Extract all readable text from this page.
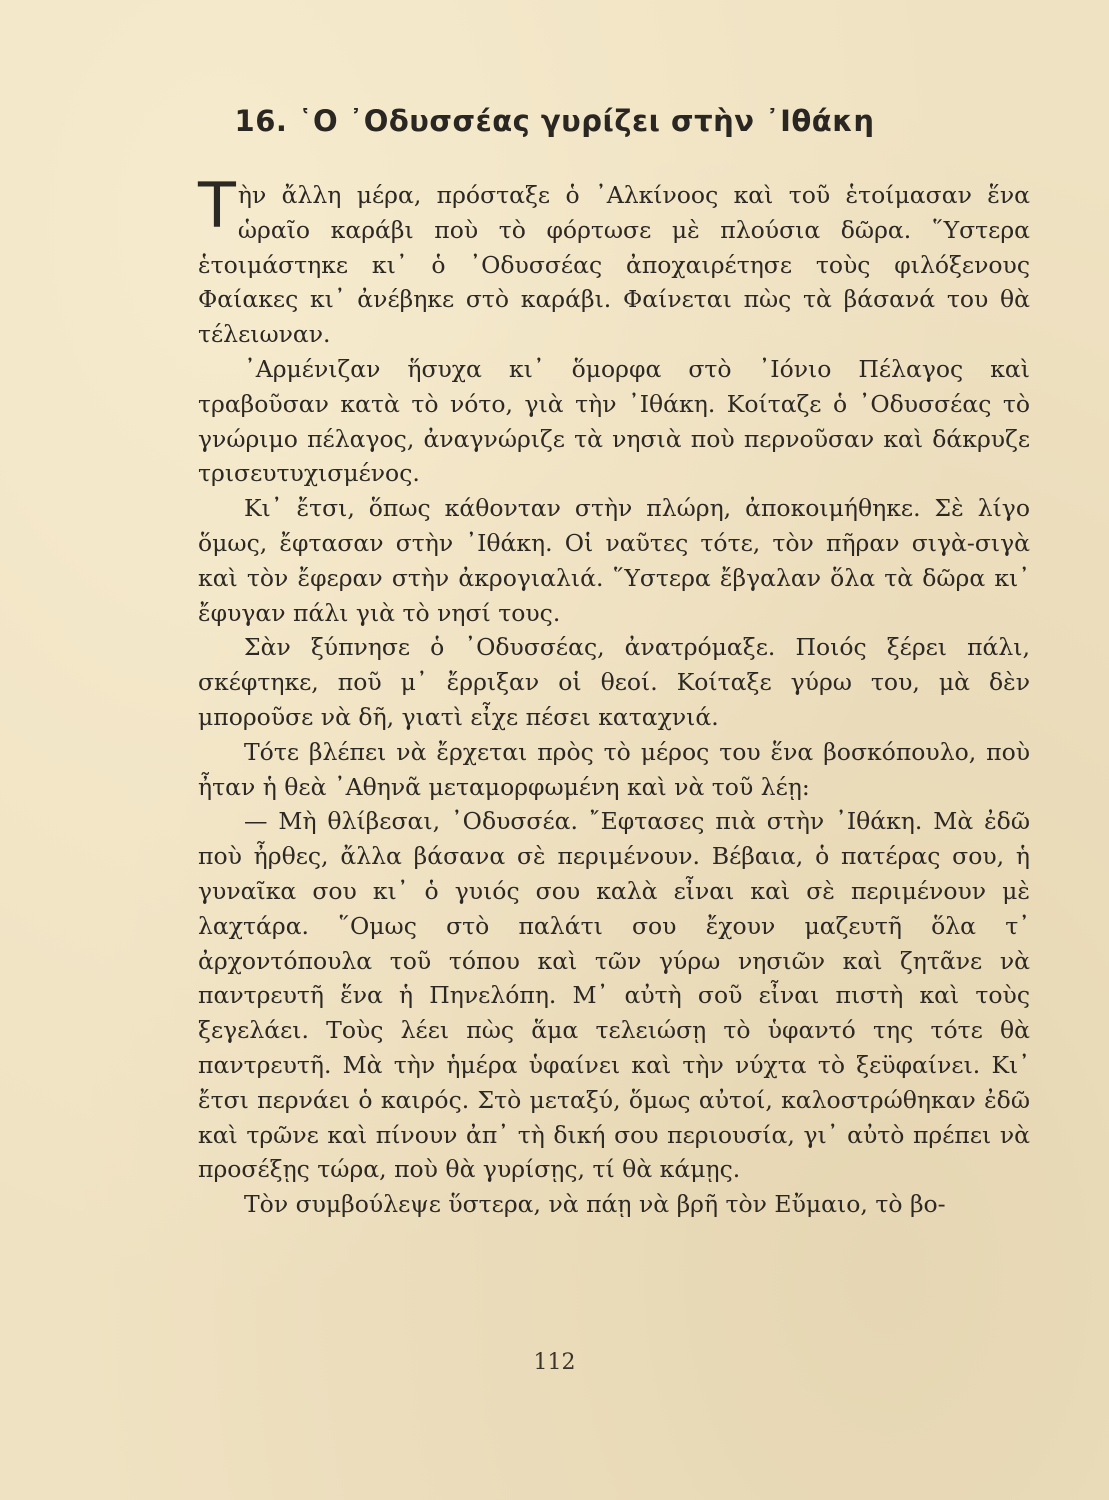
16. ῾Ο ᾿Οδυσσέας γυρίζει στὴν ᾿Ιθάκη

Τὴν ἄλλη μέρα, πρόσταξε ὁ ᾿Αλκίνοος καὶ τοῦ ἑτοίμασαν ἕνα ὡραῖο καράβι ποὺ τὸ φόρτωσε μὲ πλούσια δῶρα. ῞Υστερα ἑτοιμάστηκε κι᾿ ὁ ᾿Οδυσσέας ἀποχαιρέτησε τοὺς φιλόξενους Φαίακες κι᾿ ἀνέβηκε στὸ καράβι. Φαίνεται πὼς τὰ βάσανά του θὰ τέλειωναν.

᾿Αρμένιζαν ἥσυχα κι᾿ ὅμορφα στὸ ᾿Ιόνιο Πέλαγος καὶ τραβοῦσαν κατὰ τὸ νότο, γιὰ τὴν ᾿Ιθάκη. Κοίταζε ὁ ᾿Οδυσσέας τὸ γνώριμο πέλαγος, ἀναγνώριζε τὰ νησιὰ ποὺ περνοῦσαν καὶ δάκρυζε τρισευτυχισμένος.

Κι᾿ ἔτσι, ὅπως κάθονταν στὴν πλώρη, ἀποκοιμήθηκε. Σὲ λίγο ὅμως, ἔφτασαν στὴν ᾿Ιθάκη. Οἱ ναῦτες τότε, τὸν πῆραν σιγὰ-σιγὰ καὶ τὸν ἔφεραν στὴν ἀκρογιαλιά. ῞Υστερα ἔβγαλαν ὅλα τὰ δῶρα κι᾿ ἔφυγαν πάλι γιὰ τὸ νησί τους.

Σὰν ξύπνησε ὁ ᾿Οδυσσέας, ἀνατρόμαξε. Ποιός ξέρει πάλι, σκέφτηκε, ποῦ μ᾿ ἔρριξαν οἱ θεοί. Κοίταξε γύρω του, μὰ δὲν μποροῦσε νὰ δῆ, γιατὶ εἶχε πέσει καταχνιά.

Τότε βλέπει νὰ ἔρχεται πρὸς τὸ μέρος του ἕνα βοσκόπουλο, ποὺ ἦταν ἡ θεὰ ᾿Αθηνᾶ μεταμορφωμένη καὶ νὰ τοῦ λέῃ:

— Μὴ θλίβεσαι, ᾿Οδυσσέα. ῎Εφτασες πιὰ στὴν ᾿Ιθάκη. Μὰ ἐδῶ ποὺ ἦρθες, ἄλλα βάσανα σὲ περιμένουν. Βέβαια, ὁ πατέρας σου, ἡ γυναῖκα σου κι᾿ ὁ γυιός σου καλὰ εἶναι καὶ σὲ περιμένουν μὲ λαχτάρα. ῞Ομως στὸ παλάτι σου ἔχουν μαζευτῆ ὅλα τ᾿ ἀρχοντόπουλα τοῦ τόπου καὶ τῶν γύρω νησιῶν καὶ ζητᾶνε νὰ παντρευτῆ ἕνα ἡ Πηνελόπη. Μ᾿ αὐτὴ σοῦ εἶναι πιστὴ καὶ τοὺς ξεγελάει. Τοὺς λέει πὼς ἅμα τελειώσῃ τὸ ὑφαντό της τότε θὰ παντρευτῆ. Μὰ τὴν ἡμέρα ὑφαίνει καὶ τὴν νύχτα τὸ ξεϋφαίνει. Κι᾿ ἔτσι περνάει ὁ καιρός. Στὸ μεταξύ, ὅμως αὐτοί, καλοστρώθηκαν ἐδῶ καὶ τρῶνε καὶ πίνουν ἀπ᾿ τὴ δική σου περιουσία, γι᾿ αὐτὸ πρέπει νὰ προσέξῃς τώρα, ποὺ θὰ γυρίσῃς, τί θὰ κάμῃς.

Τὸν συμβούλεψε ὕστερα, νὰ πάῃ νὰ βρῆ τὸν Εὔμαιο, τὸ βο-

112
